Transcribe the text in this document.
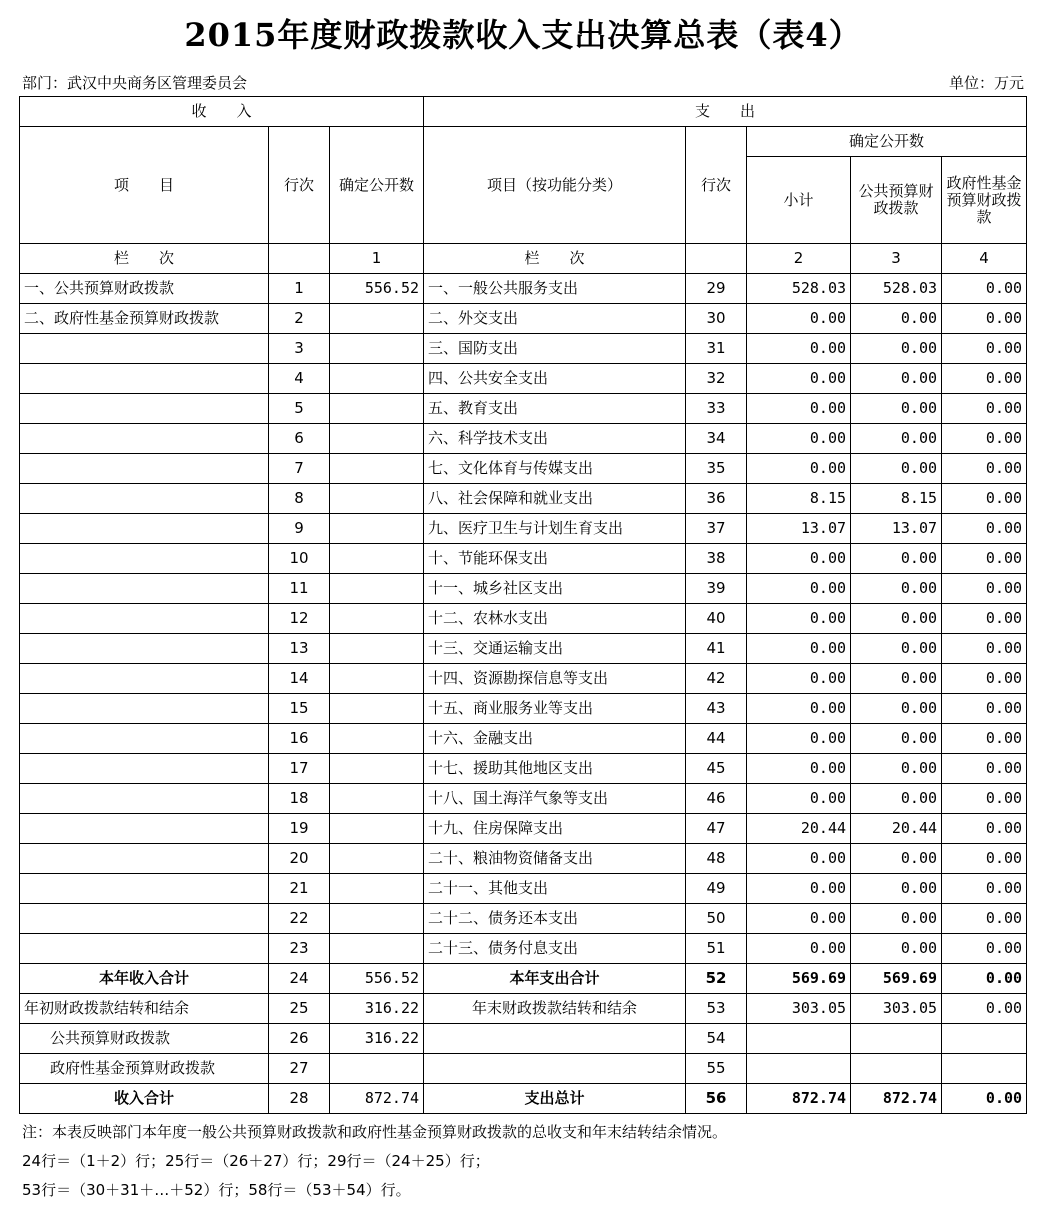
2015年度财政拨款收入支出决算总表（表4）
部门：武汉中央商务区管理委员会	单位：万元
收　　入			支　　出				
项　　目	行次	确定公开数	项目（按功能分类）	行次	确定公开数		
					小计	公共预算财政拨款	政府性基金预算财政拨款
栏　　次		1	栏　　次		2	3	4
一、公共预算财政拨款	1	556.52	一、一般公共服务支出	29	528.03	528.03	0.00
二、政府性基金预算财政拨款	2		二、外交支出	30	0.00	0.00	0.00
	3		三、国防支出	31	0.00	0.00	0.00
	4		四、公共安全支出	32	0.00	0.00	0.00
	5		五、教育支出	33	0.00	0.00	0.00
	6		六、科学技术支出	34	0.00	0.00	0.00
	7		七、文化体育与传媒支出	35	0.00	0.00	0.00
	8		八、社会保障和就业支出	36	8.15	8.15	0.00
	9		九、医疗卫生与计划生育支出	37	13.07	13.07	0.00
	10		十、节能环保支出	38	0.00	0.00	0.00
	11		十一、城乡社区支出	39	0.00	0.00	0.00
	12		十二、农林水支出	40	0.00	0.00	0.00
	13		十三、交通运输支出	41	0.00	0.00	0.00
	14		十四、资源勘探信息等支出	42	0.00	0.00	0.00
	15		十五、商业服务业等支出	43	0.00	0.00	0.00
	16		十六、金融支出	44	0.00	0.00	0.00
	17		十七、援助其他地区支出	45	0.00	0.00	0.00
	18		十八、国土海洋气象等支出	46	0.00	0.00	0.00
	19		十九、住房保障支出	47	20.44	20.44	0.00
	20		二十、粮油物资储备支出	48	0.00	0.00	0.00
	21		二十一、其他支出	49	0.00	0.00	0.00
	22		二十二、债务还本支出	50	0.00	0.00	0.00
	23		二十三、债务付息支出	51	0.00	0.00	0.00
本年收入合计	24	556.52	本年支出合计	52	569.69	569.69	0.00
年初财政拨款结转和结余	25	316.22	年末财政拨款结转和结余	53	303.05	303.05	0.00
公共预算财政拨款	26	316.22		54			
政府性基金预算财政拨款	27			55			
收入合计	28	872.74	支出总计	56	872.74	872.74	0.00
注：本表反映部门本年度一般公共预算财政拨款和政府性基金预算财政拨款的总收支和年末结转结余情况。
24行＝（1＋2）行；25行＝（26＋27）行；29行＝（24＋25）行；
53行＝（30＋31＋…＋52）行；58行＝（53＋54）行。
